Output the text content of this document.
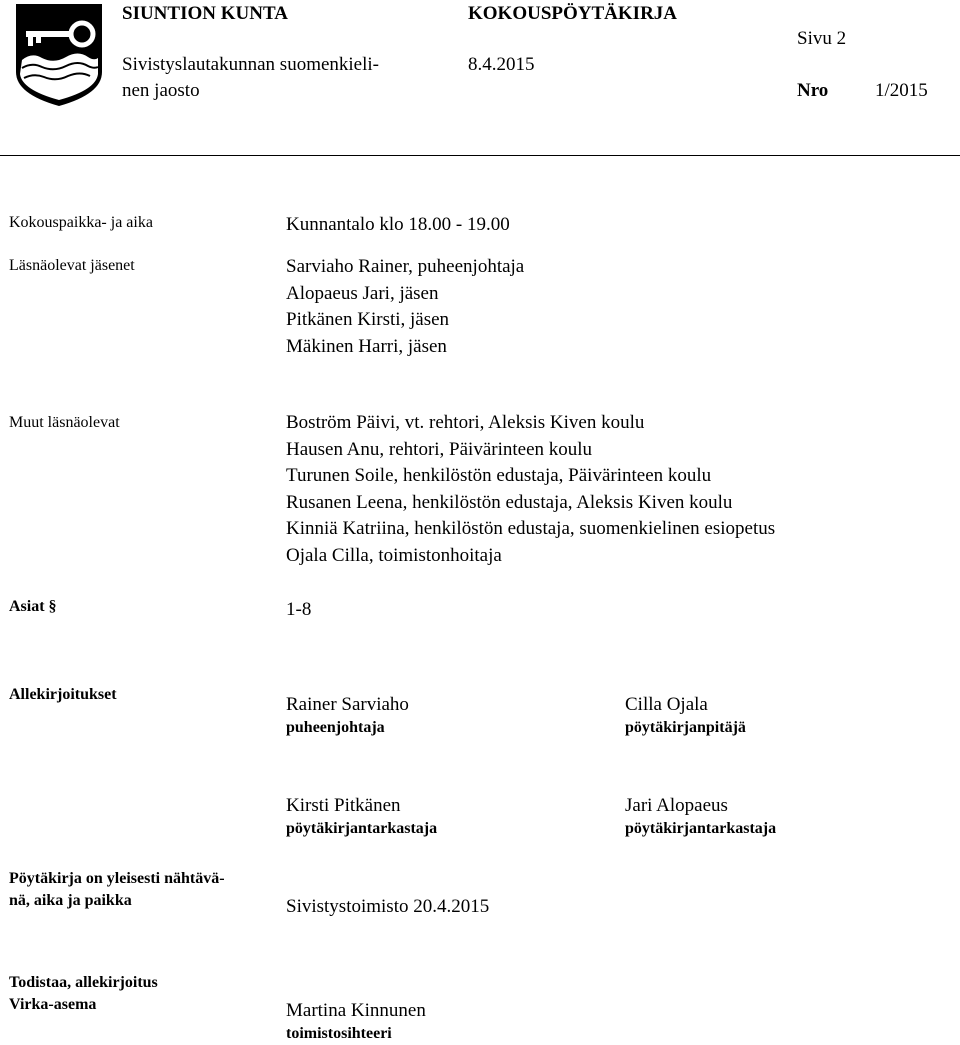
SIUNTION KUNTA
Sivistyslautakunnan suomenkieli-
nen jaosto
KOKOUSPÖYTÄKIRJA
8.4.2015
Sivu 2
Nro 1/2015
Kokouspaikka- ja aika	Kunnantalo klo 18.00 - 19.00
Läsnäolevat jäsenet	Sarviaho Rainer, puheenjohtaja
Alopaeus Jari, jäsen
Pitkänen Kirsti, jäsen
Mäkinen Harri, jäsen
Muut läsnäolevat	Boström Päivi, vt. rehtori, Aleksis Kiven koulu
Hausen Anu, rehtori, Päivärinteen koulu
Turunen Soile, henkilöstön edustaja, Päivärinteen koulu
Rusanen Leena, henkilöstön edustaja, Aleksis Kiven koulu
Kinniä Katriina, henkilöstön edustaja, suomenkielinen esiopetus
Ojala Cilla, toimistonhoitaja
Asiat §	1-8
Allekirjoitukset	Rainer Sarviaho
puheenjohtaja
Cilla Ojala
pöytäkirjanpitäjä
Kirsti Pitkänen
pöytäkirjantarkastaja
Jari Alopaeus
pöytäkirjantarkastaja
Pöytäkirja on yleisesti nähtävä-
nä, aika ja paikka	Sivistystoimisto 20.4.2015
Todistaa, allekirjoitus
Virka-asema	Martina Kinnunen
toimistosihteeri
